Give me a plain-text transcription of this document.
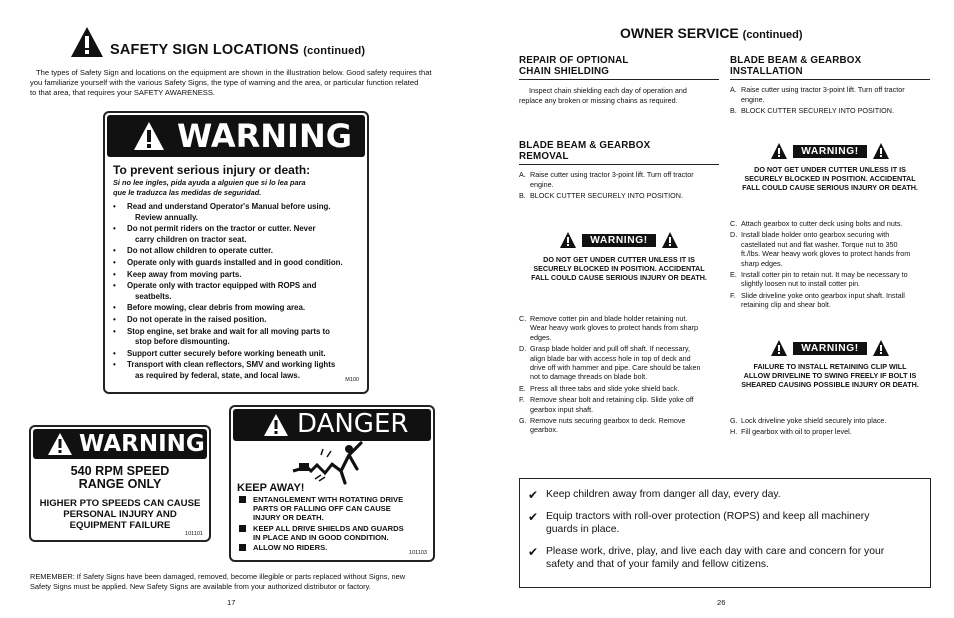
SAFETY SIGN LOCATIONS (continued)
The types of Safety Sign and locations on the equipment are shown in the illustration below. Good safety requires that
you familiarize yourself with the various Safety Signs, the type of warning and the area, or particular function related
to that area, that requires your SAFETY AWARENESS.
WARNING
To prevent serious injury or death:
Si no lee ingles, pida ayuda a alguien que si lo lea para
que le traduzca las medidas de seguridad.
• Read and understand Operator's Manual before using.
Review annually.
• Do not permit riders on the tractor or cutter. Never
carry children on tractor seat.
• Do not allow children to operate cutter.
• Operate only with guards installed and in good condition.
• Keep away from moving parts.
• Operate only with tractor equipped with ROPS and
seatbelts.
• Before mowing, clear debris from mowing area.
• Do not operate in the raised position.
• Stop engine, set brake and wait for all moving parts to
stop before dismounting.
• Support cutter securely before working beneath unit.
• Transport with clean reflectors, SMV and working lights
as required by federal, state, and local laws.
M100
WARNING
540 RPM SPEED
RANGE ONLY
HIGHER PTO SPEEDS CAN CAUSE
PERSONAL INJURY AND
EQUIPMENT FAILURE
101101
DANGER
KEEP AWAY!
ENTANGLEMENT WITH ROTATING DRIVE
PARTS OR FALLING OFF CAN CAUSE
INJURY OR DEATH.
KEEP ALL DRIVE SHIELDS AND GUARDS
IN PLACE AND IN GOOD CONDITION.
ALLOW NO RIDERS.
101103
REMEMBER: If Safety Signs have been damaged, removed, become illegible or parts replaced without Signs, new
Safety Signs must be applied. New Safety Signs are available from your authorized distributor or factory.
17
OWNER SERVICE (continued)
REPAIR OF OPTIONAL
CHAIN SHIELDING
Inspect chain shielding each day of operation and
replace any broken or missing chains as required.
BLADE BEAM & GEARBOX
REMOVAL
A. Raise cutter using tractor 3-point lift. Turn off tractor
engine.
B. BLOCK CUTTER SECURELY INTO POSITION.
WARNING!
DO NOT GET UNDER CUTTER UNLESS IT IS
SECURELY BLOCKED IN POSITION. ACCIDENTAL
FALL COULD CAUSE SERIOUS INJURY OR DEATH.
C. Remove cotter pin and blade holder retaining nut.
Wear heavy work gloves to protect hands from sharp
edges.
D. Grasp blade holder and pull off shaft. If necessary,
align blade bar with access hole in top of deck and
drive off with hammer and pipe. Care should be taken
not to damage threads on blade bolt.
E. Press all three tabs and slide yoke shield back.
F. Remove shear bolt and retaining clip. Slide yoke off
gearbox input shaft.
G. Remove nuts securing gearbox to deck. Remove
gearbox.
BLADE BEAM & GEARBOX
INSTALLATION
A. Raise cutter using tractor 3-point lift. Turn off tractor
engine.
B. BLOCK CUTTER SECURELY INTO POSITION.
WARNING!
DO NOT GET UNDER CUTTER UNLESS IT IS
SECURELY BLOCKED IN POSITION. ACCIDENTAL
FALL COULD CAUSE SERIOUS INJURY OR DEATH.
C. Attach gearbox to cutter deck using bolts and nuts.
D. Install blade holder onto gearbox securing with
castellated nut and flat washer. Torque nut to 350
ft./lbs. Wear heavy work gloves to protect hands from
sharp edges.
E. Install cotter pin to retain nut. It may be necessary to
slightly loosen nut to install cotter pin.
F. Slide driveline yoke onto gearbox input shaft. Install
retaining clip and shear bolt.
WARNING!
FAILURE TO INSTALL RETAINING CLIP WILL
ALLOW DRIVELINE TO SWING FREELY IF BOLT IS
SHEARED CAUSING POSSIBLE INJURY OR DEATH.
G. Lock driveline yoke shield securely into place.
H. Fill gearbox with oil to proper level.
✔ Keep children away from danger all day, every day.
✔ Equip tractors with roll-over protection (ROPS) and keep all machinery
guards in place.
✔ Please work, drive, play, and live each day with care and concern for your
safety and that of your family and fellow citizens.
26
